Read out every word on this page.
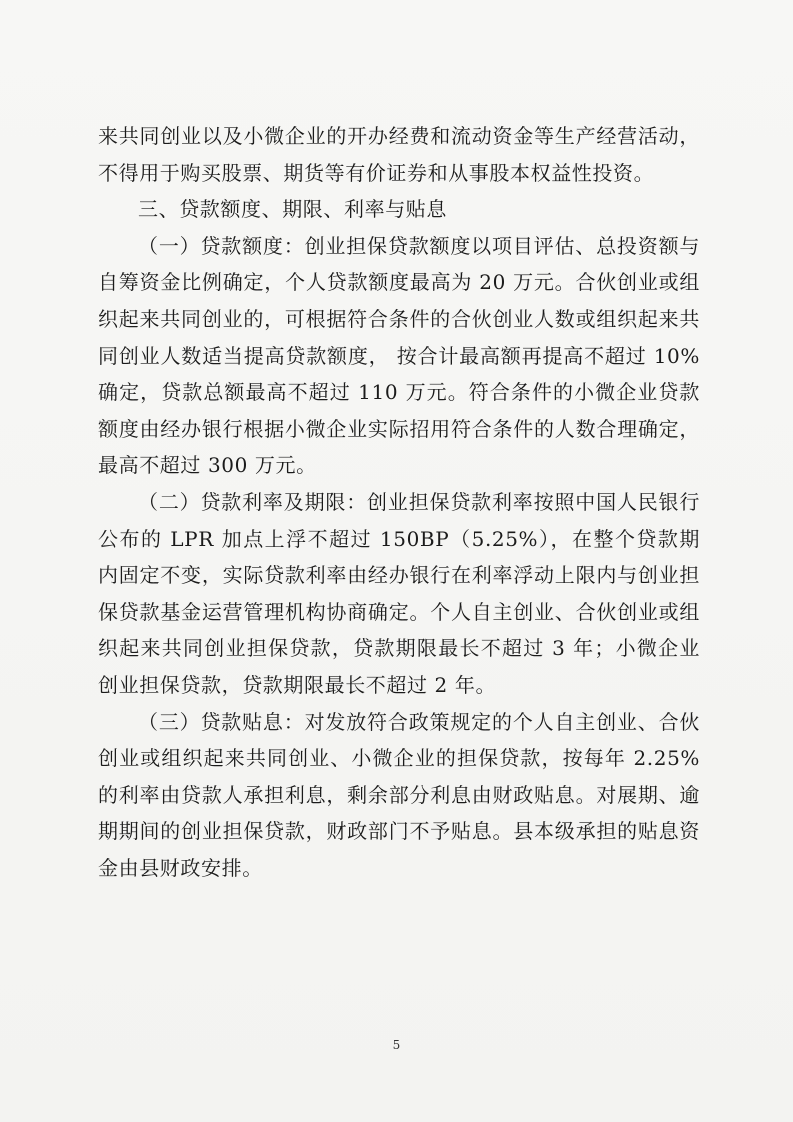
来共同创业以及小微企业的开办经费和流动资金等生产经营活动，不得用于购买股票、期货等有价证券和从事股本权益性投资。

三、贷款额度、期限、利率与贴息

（一）贷款额度：创业担保贷款额度以项目评估、总投资额与自筹资金比例确定，个人贷款额度最高为 20 万元。合伙创业或组织起来共同创业的，可根据符合条件的合伙创业人数或组织起来共同创业人数适当提高贷款额度， 按合计最高额再提高不超过 10%确定，贷款总额最高不超过 110 万元。符合条件的小微企业贷款额度由经办银行根据小微企业实际招用符合条件的人数合理确定，最高不超过 300 万元。

（二）贷款利率及期限：创业担保贷款利率按照中国人民银行公布的 LPR 加点上浮不超过 150BP（5.25%），在整个贷款期内固定不变，实际贷款利率由经办银行在利率浮动上限内与创业担保贷款基金运营管理机构协商确定。个人自主创业、合伙创业或组织起来共同创业担保贷款，贷款期限最长不超过 3 年；小微企业创业担保贷款，贷款期限最长不超过 2 年。

（三）贷款贴息：对发放符合政策规定的个人自主创业、合伙创业或组织起来共同创业、小微企业的担保贷款，按每年 2.25%的利率由贷款人承担利息，剩余部分利息由财政贴息。对展期、逾期期间的创业担保贷款，财政部门不予贴息。县本级承担的贴息资金由县财政安排。

5
